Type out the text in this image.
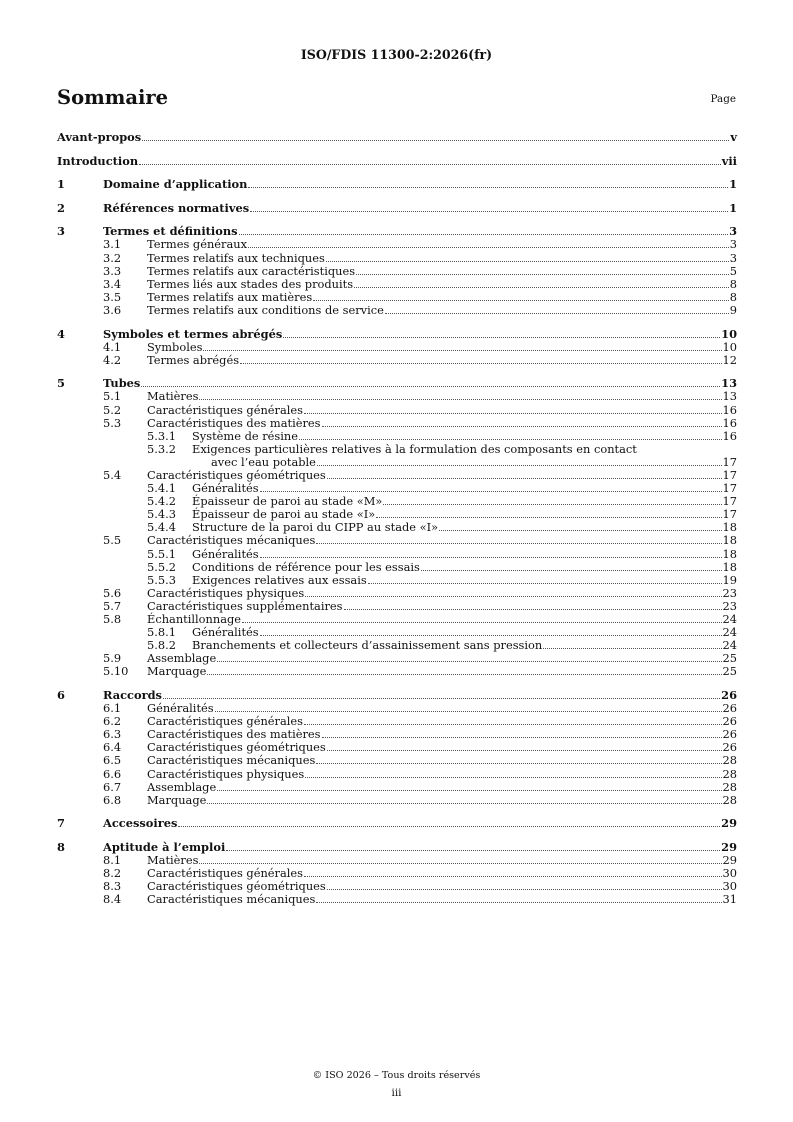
ISO/FDIS 11300-2:2026(fr)
Sommaire	Page
Avant-propos	v
Introduction	vii
1	Domaine d’application	1
2	Références normatives	1
3	Termes et définitions	3
3.1 Termes généraux	3
3.2 Termes relatifs aux techniques	3
3.3 Termes relatifs aux caractéristiques	5
3.4 Termes liés aux stades des produits	8
3.5 Termes relatifs aux matières	8
3.6 Termes relatifs aux conditions de service	9
4	Symboles et termes abrégés	10
4.1 Symboles	10
4.2 Termes abrégés	12
5	Tubes	13
5.1 Matières	13
5.2 Caractéristiques générales	16
5.3 Caractéristiques des matières	16
5.3.1 Système de résine	16
5.3.2 Exigences particulières relatives à la formulation des composants en contact
avec l’eau potable	17
5.4 Caractéristiques géométriques	17
5.4.1 Généralités	17
5.4.2 Épaisseur de paroi au stade «M»	17
5.4.3 Épaisseur de paroi au stade «I»	17
5.4.4 Structure de la paroi du CIPP au stade «I»	18
5.5 Caractéristiques mécaniques	18
5.5.1 Généralités	18
5.5.2 Conditions de référence pour les essais	18
5.5.3 Exigences relatives aux essais	19
5.6 Caractéristiques physiques	23
5.7 Caractéristiques supplémentaires	23
5.8 Échantillonnage	24
5.8.1 Généralités	24
5.8.2 Branchements et collecteurs d’assainissement sans pression	24
5.9 Assemblage	25
5.10 Marquage	25
6	Raccords	26
6.1 Généralités	26
6.2 Caractéristiques générales	26
6.3 Caractéristiques des matières	26
6.4 Caractéristiques géométriques	26
6.5 Caractéristiques mécaniques	28
6.6 Caractéristiques physiques	28
6.7 Assemblage	28
6.8 Marquage	28
7	Accessoires	29
8	Aptitude à l’emploi	29
8.1 Matières	29
8.2 Caractéristiques générales	30
8.3 Caractéristiques géométriques	30
8.4 Caractéristiques mécaniques	31
© ISO 2026 – Tous droits réservés
iii
